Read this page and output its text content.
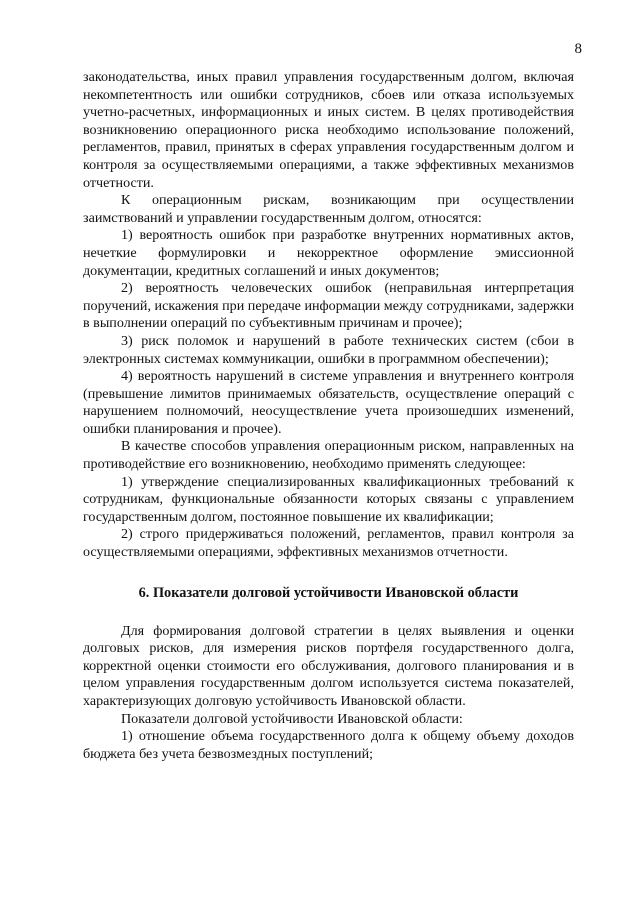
8

законодательства, иных правил управления государственным долгом, включая некомпетентность или ошибки сотрудников, сбоев или отказа используемых учетно-расчетных, информационных и иных систем. В целях противодействия возникновению операционного риска необходимо использование положений, регламентов, правил, принятых в сферах управления государственным долгом и контроля за осуществляемыми операциями, а также эффективных механизмов отчетности.

К операционным рискам, возникающим при осуществлении заимствований и управлении государственным долгом, относятся:

1) вероятность ошибок при разработке внутренних нормативных актов, нечеткие формулировки и некорректное оформление эмиссионной документации, кредитных соглашений и иных документов;

2) вероятность человеческих ошибок (неправильная интерпретация поручений, искажения при передаче информации между сотрудниками, задержки в выполнении операций по субъективным причинам и прочее);

3) риск поломок и нарушений в работе технических систем (сбои в электронных системах коммуникации, ошибки в программном обеспечении);

4) вероятность нарушений в системе управления и внутреннего контроля (превышение лимитов принимаемых обязательств, осуществление операций с нарушением полномочий, неосуществление учета произошедших изменений, ошибки планирования и прочее).

В качестве способов управления операционным риском, направленных на противодействие его возникновению, необходимо применять следующее:

1) утверждение специализированных квалификационных требований к сотрудникам, функциональные обязанности которых связаны с управлением государственным долгом, постоянное повышение их квалификации;

2) строго придерживаться положений, регламентов, правил контроля за осуществляемыми операциями, эффективных механизмов отчетности.

6. Показатели долговой устойчивости Ивановской области

Для формирования долговой стратегии в целях выявления и оценки долговых рисков, для измерения рисков портфеля государственного долга, корректной оценки стоимости его обслуживания, долгового планирования и в целом управления государственным долгом используется система показателей, характеризующих долговую устойчивость Ивановской области.

Показатели долговой устойчивости Ивановской области:

1) отношение объема государственного долга к общему объему доходов бюджета без учета безвозмездных поступлений;
